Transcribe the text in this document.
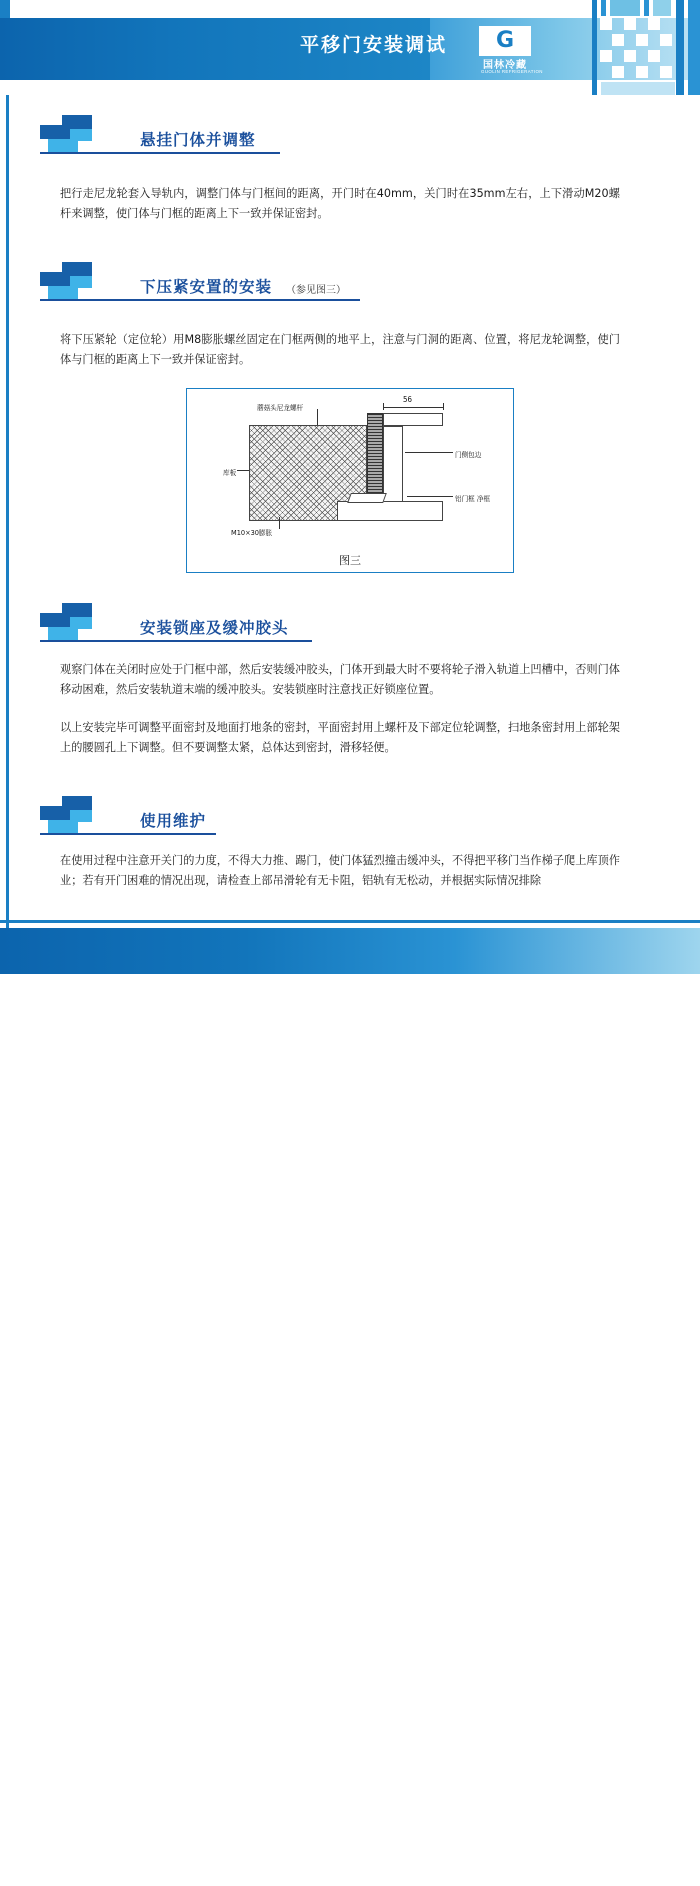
平移门安装调试	G
国林冷藏
GUOLIN REFRIGERATION
悬挂门体并调整
把行走尼龙轮套入导轨内，调整门体与门框间的距离，开门时在40mm，关门时在35mm左右，上下滑动M20螺杆来调整，使门体与门框的距离上下一致并保证密封。
下压紧安置的安装 （参见图三）
将下压紧轮（定位轮）用M8膨胀螺丝固定在门框两侧的地平上，注意与门洞的距离、位置，将尼龙轮调整，使门体与门框的距离上下一致并保证密封。
56
蘑菇头尼龙螺杆
库板
门侧包边
铝门框 净框
M10×30膨胀
图三
安装锁座及缓冲胶头
观察门体在关闭时应处于门框中部，然后安装缓冲胶头，门体开到最大时不要将轮子滑入轨道上凹槽中，否则门体移动困难，然后安装轨道末端的缓冲胶头。安装锁座时注意找正好锁座位置。
以上安装完毕可调整平面密封及地面打地条的密封，平面密封用上螺杆及下部定位轮调整，扫地条密封用上部轮架上的腰圆孔上下调整。但不要调整太紧，总体达到密封，滑移轻便。
使用维护
在使用过程中注意开关门的力度，不得大力推、踢门，使门体猛烈撞击缓冲头，不得把平移门当作梯子爬上库顶作业；若有开门困难的情况出现，请检查上部吊滑轮有无卡阻，铝轨有无松动，并根据实际情况排除
0519-88792649 www.cz-guolin.com	8
